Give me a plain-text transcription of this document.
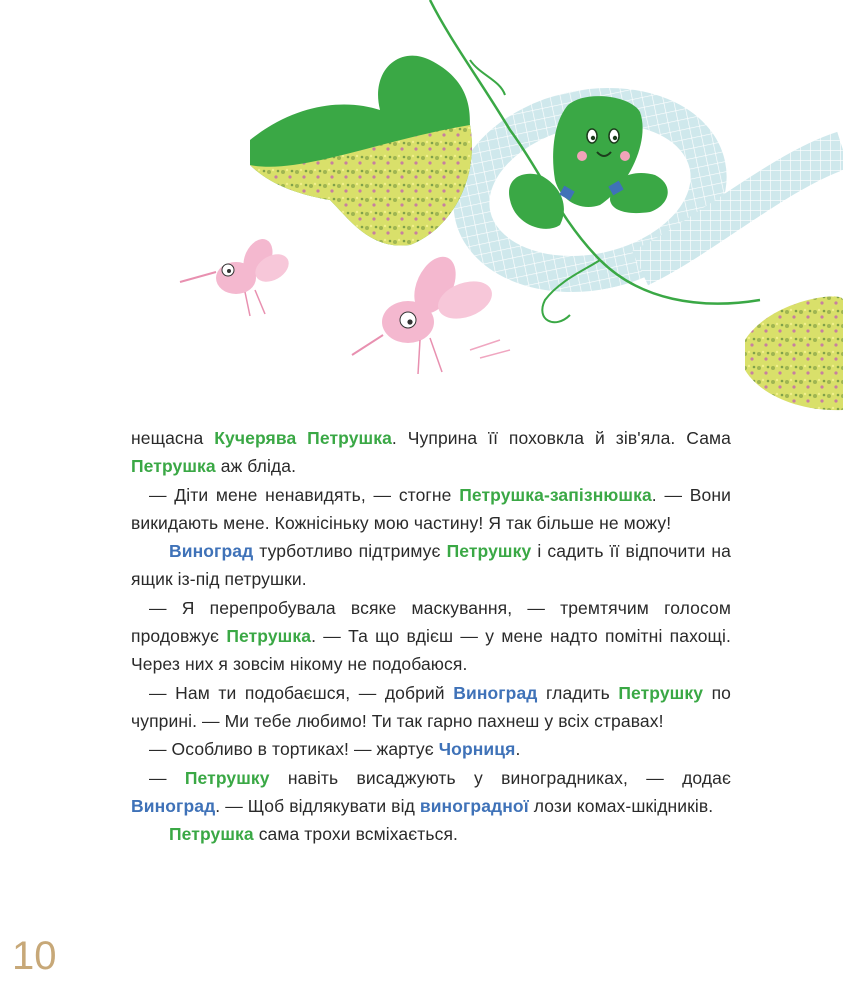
нещасна Кучерява Петрушка. Чуприна її поховкла й зів'яла. Сама Петрушка аж бліда.

— Діти мене ненавидять, — стогне Петрушка-запізнюшка. — Вони викидають мене. Кожнісіньку мою частину! Я так більше не можу!

Виноград турботливо підтримує Петрушку і садить її відпочити на ящик із-під петрушки.

— Я перепробувала всяке маскування, — тремтячим голосом продовжує Петрушка. — Та що вдієш — у мене надто помітні пахощі. Через них я зовсім нікому не подобаюся.

— Нам ти подобаєшся, — добрий Виноград гладить Петрушку по чуприні. — Ми тебе любимо! Ти так гарно пахнеш у всіх стравах!

— Особливо в тортиках! — жартує Чорниця.

— Петрушку навіть висаджують у виноградниках, — додає Виноград. — Щоб відлякувати від виноградної лози комах-шкідників.

Петрушка сама трохи всміхається.

10
